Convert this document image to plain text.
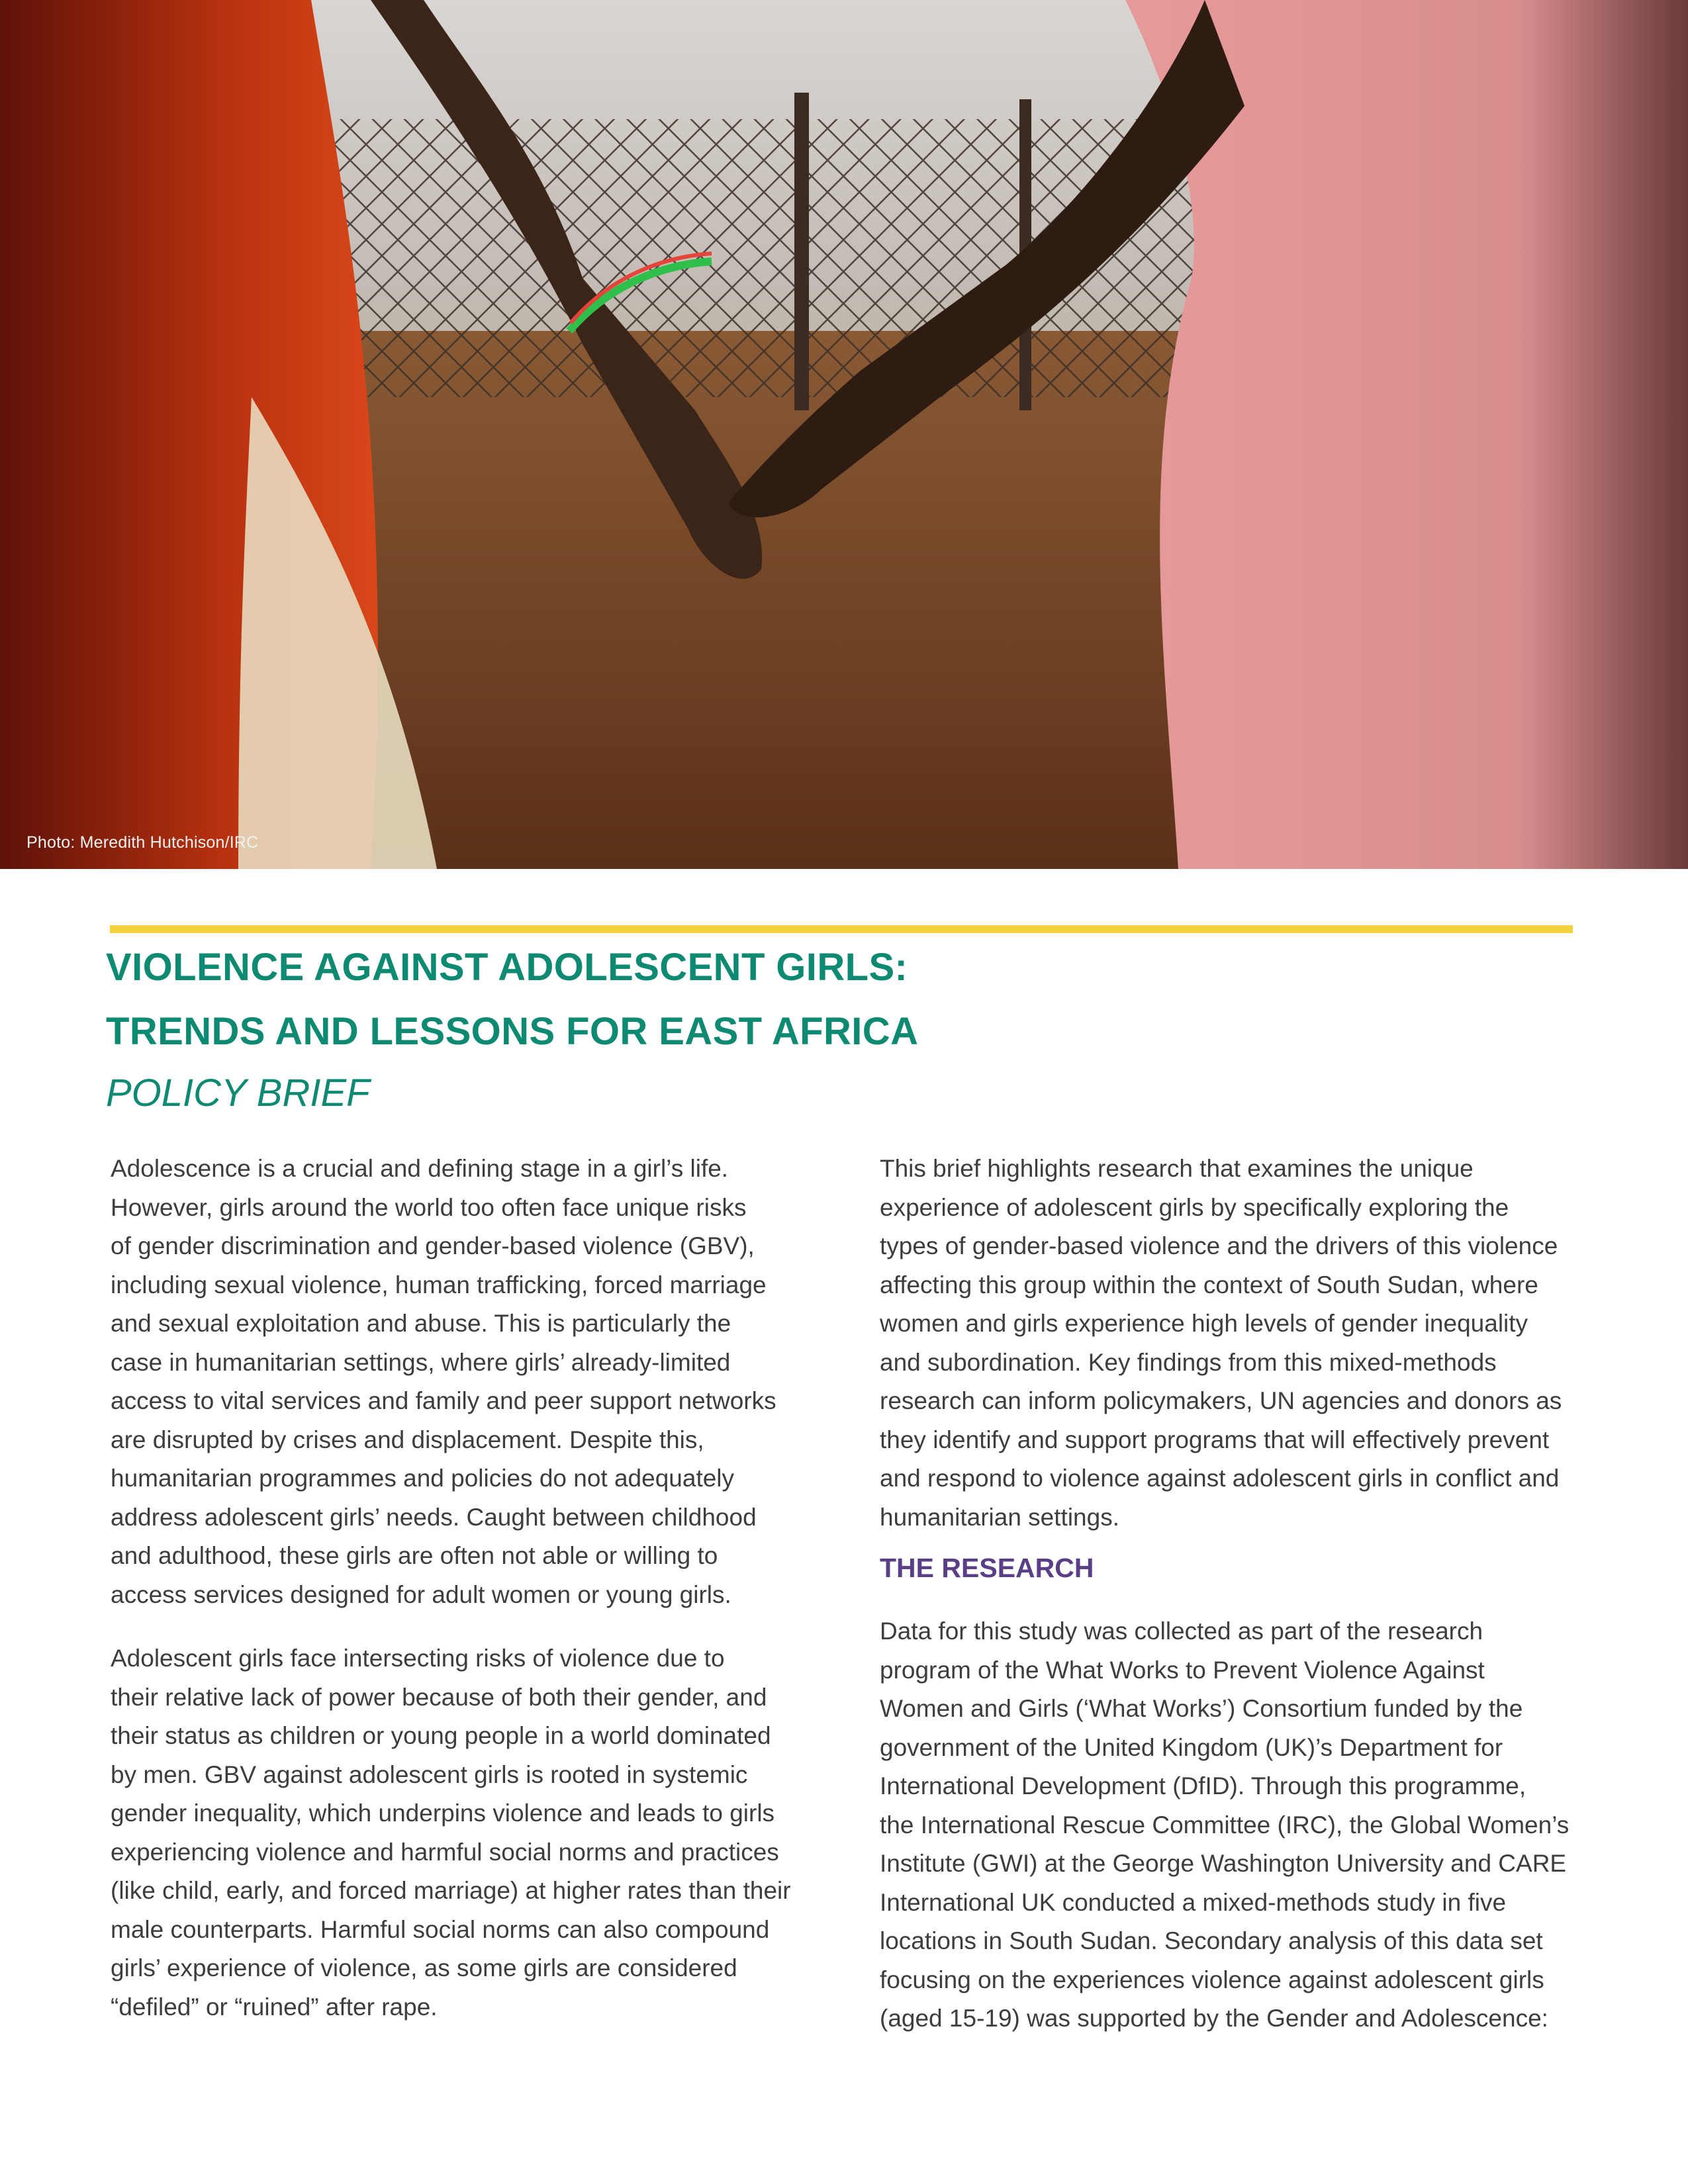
Photo: Meredith Hutchison/IRC
VIOLENCE AGAINST ADOLESCENT GIRLS:
TRENDS AND LESSONS FOR EAST AFRICA
POLICY BRIEF
Adolescence is a crucial and defining stage in a girl’s life.
However, girls around the world too often face unique risks
of gender discrimination and gender-based violence (GBV),
including sexual violence, human trafficking, forced marriage
and sexual exploitation and abuse. This is particularly the
case in humanitarian settings, where girls’ already-limited
access to vital services and family and peer support networks
are disrupted by crises and displacement. Despite this,
humanitarian programmes and policies do not adequately
address adolescent girls’ needs. Caught between childhood
and adulthood, these girls are often not able or willing to
access services designed for adult women or young girls.
Adolescent girls face intersecting risks of violence due to
their relative lack of power because of both their gender, and
their status as children or young people in a world dominated
by men. GBV against adolescent girls is rooted in systemic
gender inequality, which underpins violence and leads to girls
experiencing violence and harmful social norms and practices
(like child, early, and forced marriage) at higher rates than their
male counterparts. Harmful social norms can also compound
girls’ experience of violence, as some girls are considered
“defiled” or “ruined” after rape.
This brief highlights research that examines the unique
experience of adolescent girls by specifically exploring the
types of gender-based violence and the drivers of this violence
affecting this group within the context of South Sudan, where
women and girls experience high levels of gender inequality
and subordination. Key findings from this mixed-methods
research can inform policymakers, UN agencies and donors as
they identify and support programs that will effectively prevent
and respond to violence against adolescent girls in conflict and
humanitarian settings.
THE RESEARCH
Data for this study was collected as part of the research
program of the What Works to Prevent Violence Against
Women and Girls (‘What Works’) Consortium funded by the
government of the United Kingdom (UK)’s Department for
International Development (DfID). Through this programme,
the International Rescue Committee (IRC), the Global Women’s
Institute (GWI) at the George Washington University and CARE
International UK conducted a mixed-methods study in five
locations in South Sudan. Secondary analysis of this data set
focusing on the experiences violence against adolescent girls
(aged 15-19) was supported by the Gender and Adolescence:
